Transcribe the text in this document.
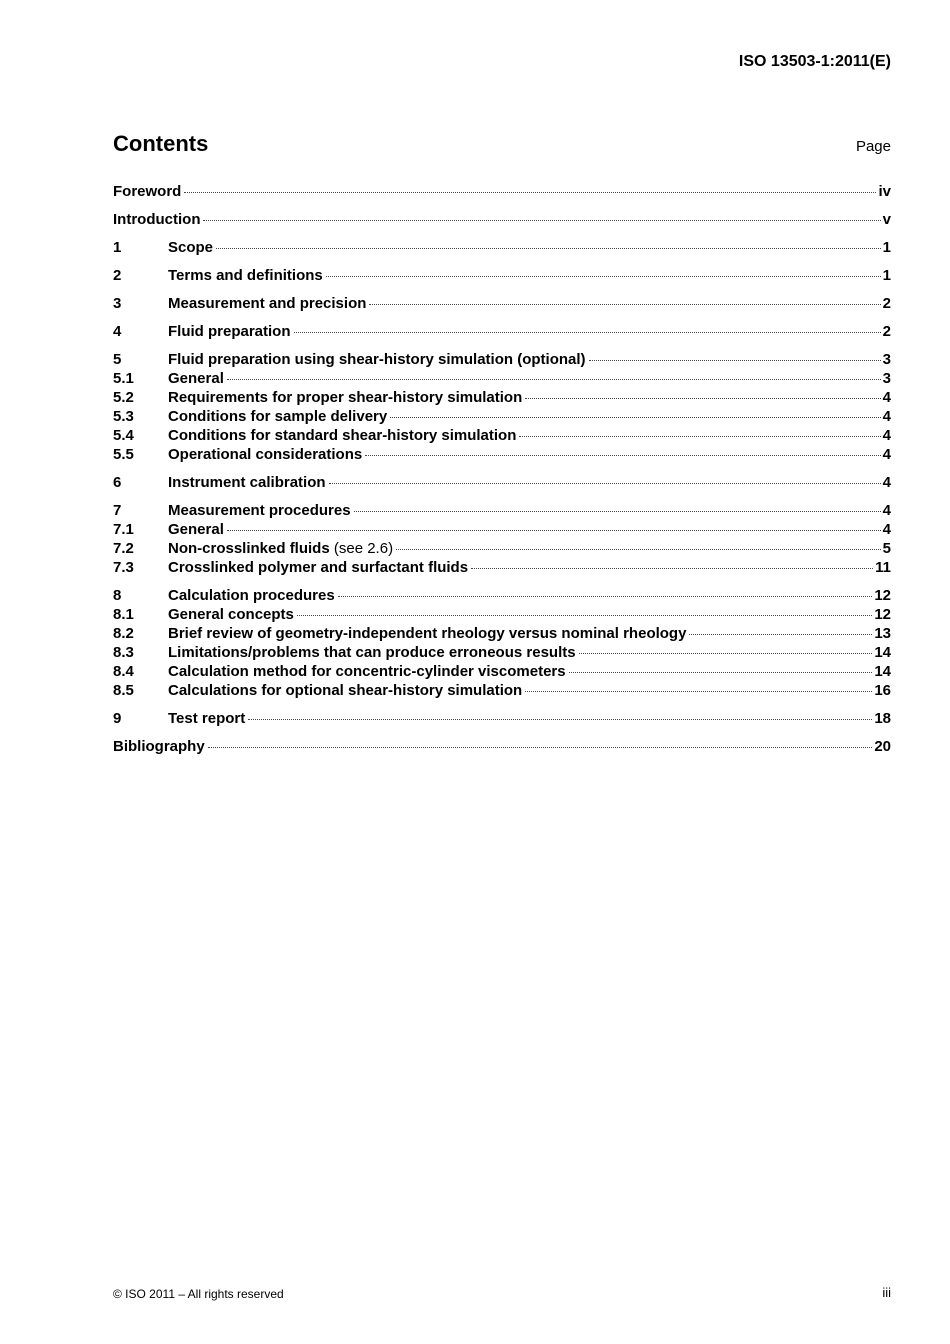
ISO 13503-1:2011(E)
Contents	Page
Foreword	iv
Introduction	v
1	Scope	1
2	Terms and definitions	1
3	Measurement and precision	2
4	Fluid preparation	2
5	Fluid preparation using shear-history simulation (optional)	3
5.1	General	3
5.2	Requirements for proper shear-history simulation	4
5.3	Conditions for sample delivery	4
5.4	Conditions for standard shear-history simulation	4
5.5	Operational considerations	4
6	Instrument calibration	4
7	Measurement procedures	4
7.1	General	4
7.2	Non-crosslinked fluids (see 2.6)	5
7.3	Crosslinked polymer and surfactant fluids	11
8	Calculation procedures	12
8.1	General concepts	12
8.2	Brief review of geometry-independent rheology versus nominal rheology	13
8.3	Limitations/problems that can produce erroneous results	14
8.4	Calculation method for concentric-cylinder viscometers	14
8.5	Calculations for optional shear-history simulation	16
9	Test report	18
Bibliography	20
© ISO 2011 – All rights reserved	iii
